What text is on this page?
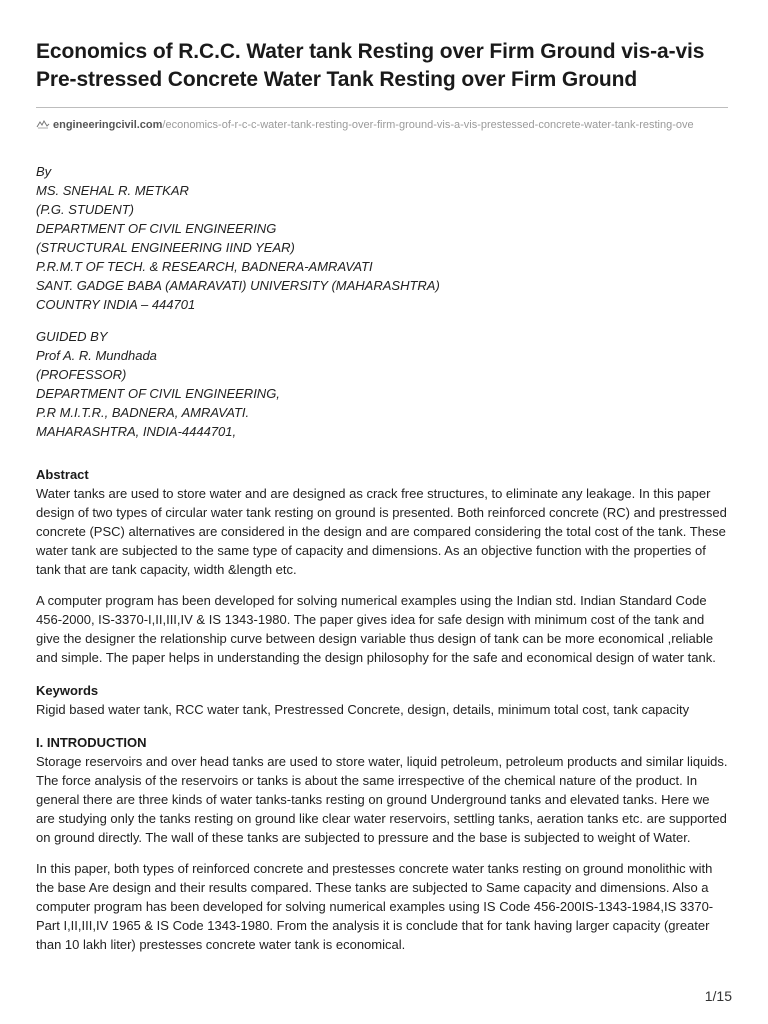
Economics of R.C.C. Water tank Resting over Firm Ground vis-a-vis Pre-stressed Concrete Water Tank Resting over Firm Ground
engineeringcivil.com/economics-of-r-c-c-water-tank-resting-over-firm-ground-vis-a-vis-prestessed-concrete-water-tank-resting-ove
By
MS. SNEHAL R. METKAR
(P.G. STUDENT)
DEPARTMENT OF CIVIL ENGINEERING
(STRUCTURAL ENGINEERING IIND YEAR)
P.R.M.T OF TECH. & RESEARCH, BADNERA-AMRAVATI
SANT. GADGE BABA (AMARAVATI) UNIVERSITY (MAHARASHTRA)
COUNTRY INDIA – 444701
GUIDED BY
Prof A. R. Mundhada
(PROFESSOR)
DEPARTMENT OF CIVIL ENGINEERING,
P.R M.I.T.R., BADNERA, AMRAVATI.
MAHARASHTRA, INDIA-4444701,
Abstract

Water tanks are used to store water and are designed as crack free structures, to eliminate any leakage. In this paper design of two types of circular water tank resting on ground is presented. Both reinforced concrete (RC) and prestressed concrete (PSC) alternatives are considered in the design and are compared considering the total cost of the tank. These water tank are subjected to the same type of capacity and dimensions. As an objective function with the properties of tank that are tank capacity, width &length etc.

A computer program has been developed for solving numerical examples using the Indian std. Indian Standard Code 456-2000, IS-3370-I,II,III,IV & IS 1343-1980. The paper gives idea for safe design with minimum cost of the tank and give the designer the relationship curve between design variable thus design of tank can be more economical ,reliable and simple. The paper helps in understanding the design philosophy for the safe and economical design of water tank.

Keywords

Rigid based water tank, RCC water tank, Prestressed Concrete, design, details, minimum total cost, tank capacity

I. INTRODUCTION

Storage reservoirs and over head tanks are used to store water, liquid petroleum, petroleum products and similar liquids. The force analysis of the reservoirs or tanks is about the same irrespective of the chemical nature of the product. In general there are three kinds of water tanks-tanks resting on ground Underground tanks and elevated tanks. Here we are studying only the tanks resting on ground like clear water reservoirs, settling tanks, aeration tanks etc. are supported on ground directly. The wall of these tanks are subjected to pressure and the base is subjected to weight of Water.

In this paper, both types of reinforced concrete and prestesses concrete water tanks resting on ground monolithic with the base Are design and their results compared. These tanks are subjected to Same capacity and dimensions. Also a computer program has been developed for solving numerical examples using IS Code 456-200IS-1343-1984,IS 3370-Part I,II,III,IV 1965 & IS Code 1343-1980. From the analysis it is conclude that for tank having larger capacity (greater than 10 lakh liter) prestesses concrete water tank is economical.

1/15
